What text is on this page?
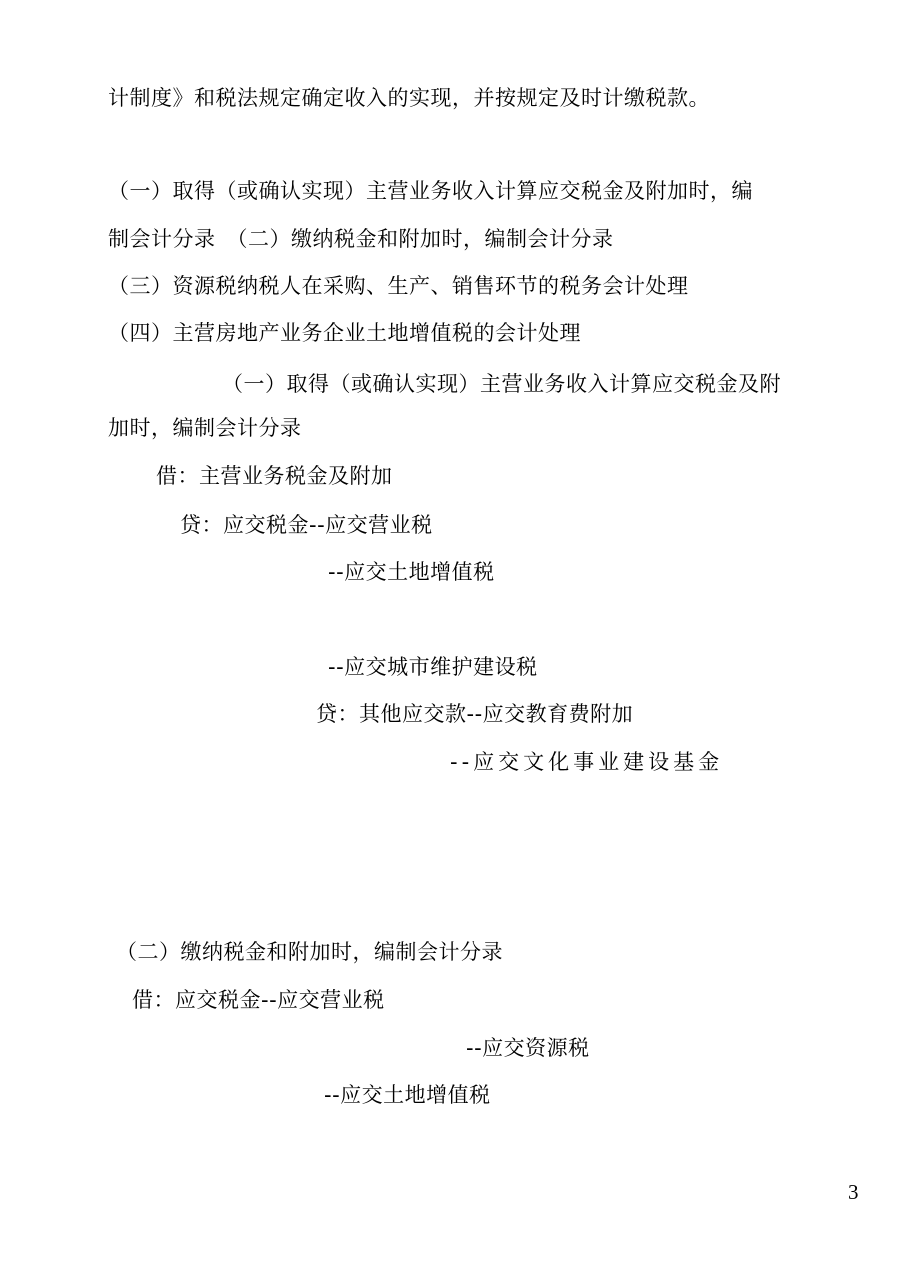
计制度》和税法规定确定收入的实现，并按规定及时计缴税款。
（一）取得（或确认实现）主营业务收入计算应交税金及附加时，编
制会计分录　（二）缴纳税金和附加时，编制会计分录
（三）资源税纳税人在采购、生产、销售环节的税务会计处理
（四）主营房地产业务企业土地增值税的会计处理
（一）取得（或确认实现）主营业务收入计算应交税金及附
加时，编制会计分录
借：主营业务税金及附加
贷：应交税金--应交营业税
--应交土地增值税
--应交城市维护建设税
贷：其他应交款--应交教育费附加
--应交文化事业建设基金
（二）缴纳税金和附加时，编制会计分录
借：应交税金--应交营业税
--应交资源税
--应交土地增值税
3
